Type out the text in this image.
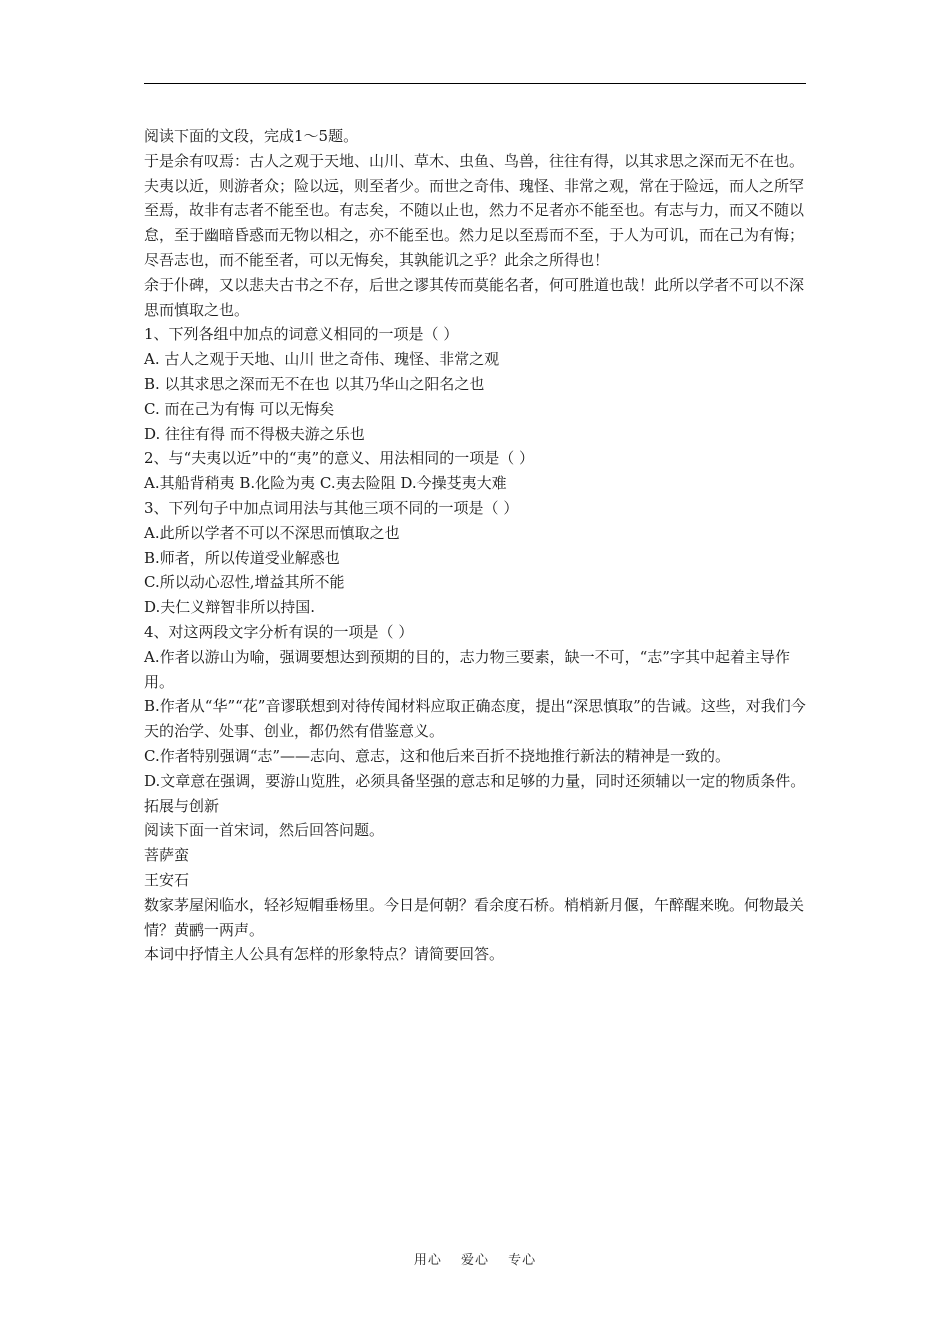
阅读下面的文段，完成1～5题。

于是余有叹焉：古人之观于天地、山川、草木、虫鱼、鸟兽，往往有得，以其求思之深而无不在也。夫夷以近，则游者众；险以远，则至者少。而世之奇伟、瑰怪、非常之观，常在于险远，而人之所罕至焉，故非有志者不能至也。有志矣，不随以止也，然力不足者亦不能至也。有志与力，而又不随以怠，至于幽暗昏惑而无物以相之，亦不能至也。然力足以至焉而不至，于人为可讥，而在己为有悔；尽吾志也，而不能至者，可以无悔矣，其孰能讥之乎？此余之所得也！

余于仆碑，又以悲夫古书之不存，后世之谬其传而莫能名者，何可胜道也哉！此所以学者不可以不深思而慎取之也。

1、下列各组中加点的词意义相同的一项是（ ）

A. 古人之观于天地、山川 世之奇伟、瑰怪、非常之观

B. 以其求思之深而无不在也 以其乃华山之阳名之也

C. 而在己为有悔 可以无悔矣

D. 往往有得 而不得极夫游之乐也

2、与“夫夷以近”中的“夷”的意义、用法相同的一项是（ ）

A.其船背稍夷 B.化险为夷 C.夷去险阻 D.今操芟夷大难

3、下列句子中加点词用法与其他三项不同的一项是（ ）

A.此所以学者不可以不深思而慎取之也

B.师者，所以传道受业解惑也

C.所以动心忍性,增益其所不能

D.夫仁义辩智非所以持国.

4、对这两段文字分析有误的一项是（ ）

A.作者以游山为喻，强调要想达到预期的目的，志力物三要素，缺一不可，“志”字其中起着主导作用。

B.作者从“华”“花”音谬联想到对待传闻材料应取正确态度，提出“深思慎取”的告诫。这些，对我们今天的治学、处事、创业，都仍然有借鉴意义。

C.作者特别强调“志”——志向、意志，这和他后来百折不挠地推行新法的精神是一致的。

D.文章意在强调，要游山览胜，必须具备坚强的意志和足够的力量，同时还须辅以一定的物质条件。

拓展与创新

阅读下面一首宋词，然后回答问题。

菩萨蛮

王安石

数家茅屋闲临水，轻衫短帽垂杨里。今日是何朝？看余度石桥。梢梢新月偃，午醉醒来晚。何物最关情？黄鹂一两声。

本词中抒情主人公具有怎样的形象特点？请简要回答。

用心 爱心 专心
